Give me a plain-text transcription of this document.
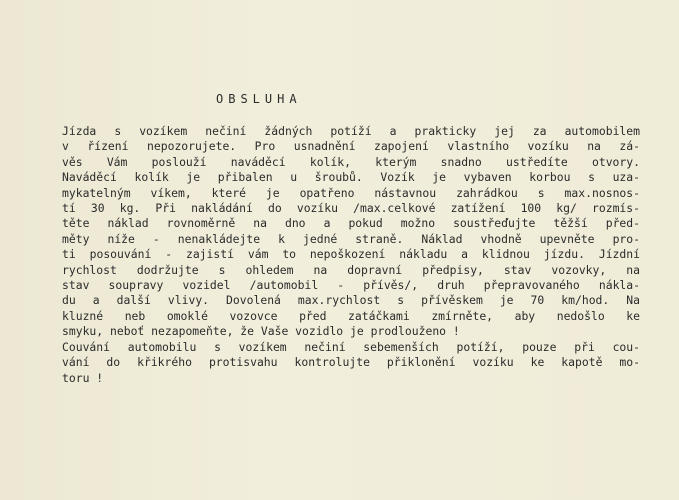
OBSLUHA
Jízda s vozíkem nečiní žádných potíží a prakticky jej za automobilem
v řízení nepozorujete. Pro usnadnění zapojení vlastního vozíku na zá-
věs Vám poslouží naváděcí kolík, kterým snadno ustředíte otvory.
Naváděcí kolík je přibalen u šroubů. Vozík je vybaven korbou s uza-
mykatelným víkem, které je opatřeno nástavnou zahrádkou s max.nosnos-
tí 30 kg. Při nakládání do vozíku /max.celkové zatížení 100 kg/ rozmís-
těte náklad rovnoměrně na dno a pokud možno soustřeďujte těžší před-
měty níže - nenakládejte k jedné straně. Náklad vhodně upevněte pro-
ti posouvání - zajistí vám to nepoškození nákladu a klidnou jízdu. Jízdní
rychlost dodržujte s ohledem na dopravní předpisy, stav vozovky, na
stav soupravy vozidel /automobil - přívěs/, druh přepravovaného nákla-
du a další vlivy. Dovolená max.rychlost s přívěskem je 70 km/hod. Na
kluzné neb omoklé vozovce před zatáčkami zmírněte, aby nedošlo ke
smyku, neboť nezapomeňte, že Vaše vozidlo je prodlouženo !
Couvání automobilu s vozíkem nečiní sebemenších potíží, pouze při cou-
vání do křikrého protisvahu kontrolujte přiklonění vozíku ke kapotě mo-
toru !
